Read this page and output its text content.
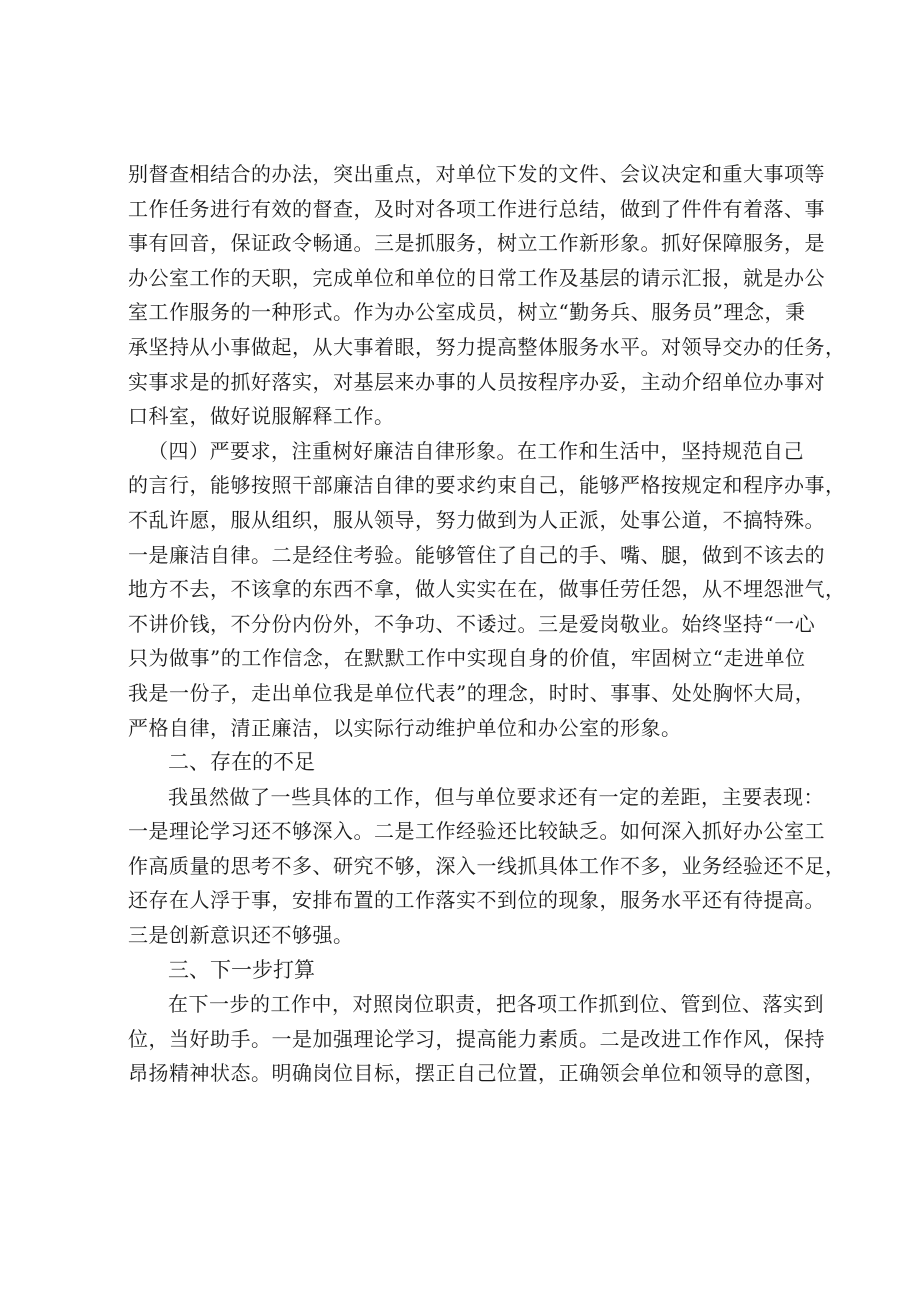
别督查相结合的办法，突出重点，对单位下发的文件、会议决定和重大事项等
工作任务进行有效的督查，及时对各项工作进行总结，做到了件件有着落、事
事有回音，保证政令畅通。三是抓服务，树立工作新形象。抓好保障服务，是
办公室工作的天职，完成单位和单位的日常工作及基层的请示汇报，就是办公
室工作服务的一种形式。作为办公室成员，树立“勤务兵、服务员”理念，秉
承坚持从小事做起，从大事着眼，努力提高整体服务水平。对领导交办的任务，
实事求是的抓好落实，对基层来办事的人员按程序办妥，主动介绍单位办事对
口科室，做好说服解释工作。
（四）严要求，注重树好廉洁自律形象。在工作和生活中，坚持规范自己
的言行，能够按照干部廉洁自律的要求约束自己，能够严格按规定和程序办事，
不乱许愿，服从组织，服从领导，努力做到为人正派，处事公道，不搞特殊。
一是廉洁自律。二是经住考验。能够管住了自己的手、嘴、腿，做到不该去的
地方不去，不该拿的东西不拿，做人实实在在，做事任劳任怨，从不埋怨泄气，
不讲价钱，不分份内份外，不争功、不诿过。三是爱岗敬业。始终坚持“一心
只为做事”的工作信念，在默默工作中实现自身的价值，牢固树立“走进单位
我是一份子，走出单位我是单位代表”的理念，时时、事事、处处胸怀大局，
严格自律，清正廉洁，以实际行动维护单位和办公室的形象。
二、存在的不足
我虽然做了一些具体的工作，但与单位要求还有一定的差距，主要表现：
一是理论学习还不够深入。二是工作经验还比较缺乏。如何深入抓好办公室工
作高质量的思考不多、研究不够，深入一线抓具体工作不多，业务经验还不足，
还存在人浮于事，安排布置的工作落实不到位的现象，服务水平还有待提高。
三是创新意识还不够强。
三、下一步打算
在下一步的工作中，对照岗位职责，把各项工作抓到位、管到位、落实到
位，当好助手。一是加强理论学习，提高能力素质。二是改进工作作风，保持
昂扬精神状态。明确岗位目标，摆正自己位置，正确领会单位和领导的意图，
